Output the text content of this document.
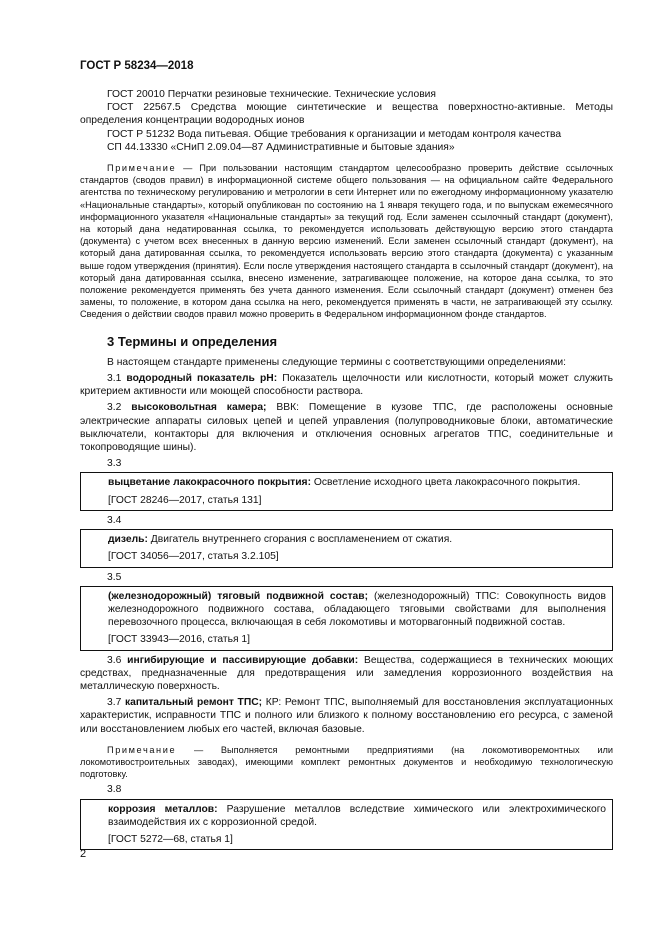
ГОСТ Р 58234—2018

ГОСТ 20010 Перчатки резиновые технические. Технические условия

ГОСТ 22567.5 Средства моющие синтетические и вещества поверхностно-активные. Методы определения концентрации водородных ионов

ГОСТ Р 51232 Вода питьевая. Общие требования к организации и методам контроля качества

СП 44.13330 «СНиП 2.09.04—87 Административные и бытовые здания»

Примечание — При пользовании настоящим стандартом целесообразно проверить действие ссылочных стандартов (сводов правил) в информационной системе общего пользования — на официальном сайте Федерального агентства по техническому регулированию и метрологии в сети Интернет или по ежегодному информационному указателю «Национальные стандарты», который опубликован по состоянию на 1 января текущего года, и по выпускам ежемесячного информационного указателя «Национальные стандарты» за текущий год. Если заменен ссылочный стандарт (документ), на который дана недатированная ссылка, то рекомендуется использовать действующую версию этого стандарта (документа) с учетом всех внесенных в данную версию изменений. Если заменен ссылочный стандарт (документ), на который дана датированная ссылка, то рекомендуется использовать версию этого стандарта (документа) с указанным выше годом утверждения (принятия). Если после утверждения настоящего стандарта в ссылочный стандарт (документ), на который дана датированная ссылка, внесено изменение, затрагивающее положение, на которое дана ссылка, то это положение рекомендуется применять без учета данного изменения. Если ссылочный стандарт (документ) отменен без замены, то положение, в котором дана ссылка на него, рекомендуется применять в части, не затрагивающей эту ссылку. Сведения о действии сводов правил можно проверить в Федеральном информационном фонде стандартов.

3 Термины и определения

В настоящем стандарте применены следующие термины с соответствующими определениями:

3.1 водородный показатель pH: Показатель щелочности или кислотности, который может служить критерием активности или моющей способности раствора.

3.2 высоковольтная камера; ВВК: Помещение в кузове ТПС, где расположены основные электрические аппараты силовых цепей и цепей управления (полупроводниковые блоки, автоматические выключатели, контакторы для включения и отключения основных агрегатов ТПС, соединительные и токопроводящие шины).

3.3

выцветание лакокрасочного покрытия: Осветление исходного цвета лакокрасочного покрытия.

[ГОСТ 28246—2017, статья 131]

3.4

дизель: Двигатель внутреннего сгорания с воспламенением от сжатия.

[ГОСТ 34056—2017, статья 3.2.105]

3.5

(железнодорожный) тяговый подвижной состав; (железнодорожный) ТПС: Совокупность видов железнодорожного подвижного состава, обладающего тяговыми свойствами для выполнения перевозочного процесса, включающая в себя локомотивы и моторвагонный подвижной состав.

[ГОСТ 33943—2016, статья 1]

3.6 ингибирующие и пассивирующие добавки: Вещества, содержащиеся в технических моющих средствах, предназначенные для предотвращения или замедления коррозионного воздействия на металлическую поверхность.

3.7 капитальный ремонт ТПС; КР: Ремонт ТПС, выполняемый для восстановления эксплуатационных характеристик, исправности ТПС и полного или близкого к полному восстановлению его ресурса, с заменой или восстановлением любых его частей, включая базовые.

Примечание — Выполняется ремонтными предприятиями (на локомотиворемонтных или локомотивостроительных заводах), имеющими комплект ремонтных документов и необходимую технологическую подготовку.

3.8

коррозия металлов: Разрушение металлов вследствие химического или электрохимического взаимодействия их с коррозионной средой.

[ГОСТ 5272—68, статья 1]

2
